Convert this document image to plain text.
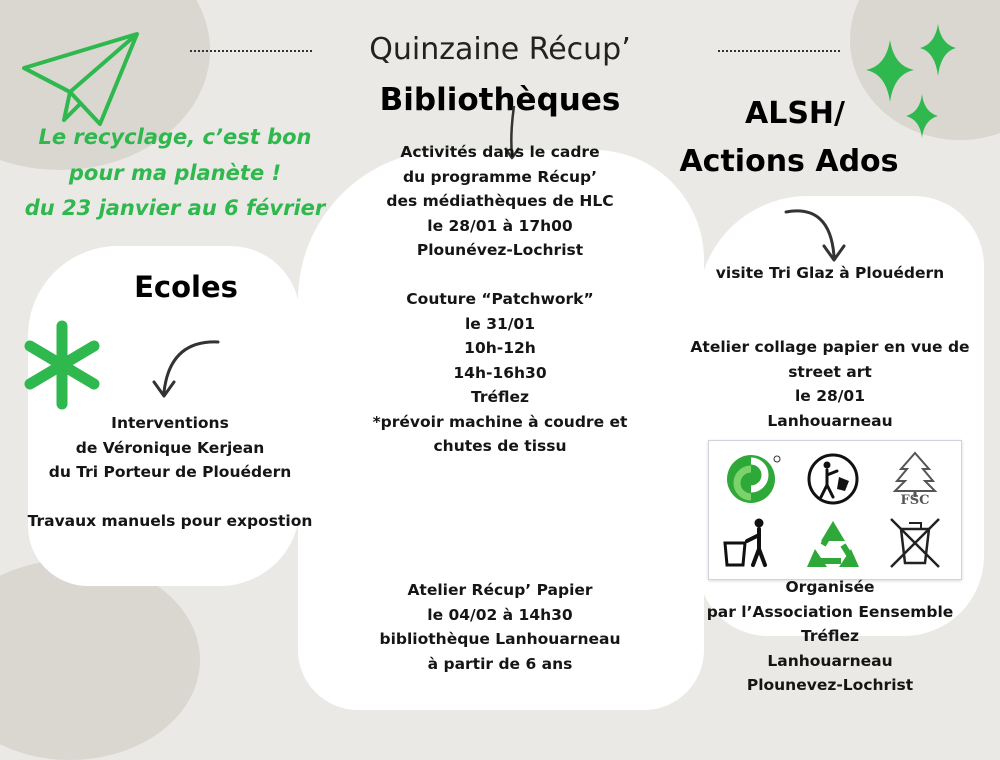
Quinzaine Récup’
Bibliothèques
Le recyclage, c’est bon
pour ma planète !
du 23 janvier au 6 février
Ecoles
Interventions
de Véronique Kerjean
du Tri Porteur de Plouédern
Travaux manuels pour expostion
Activités dans le cadre
du programme Récup’
des médiathèques de HLC
le 28/01 à 17h00
Plounévez-Lochrist
Couture “Patchwork”
le 31/01
10h-12h
14h-16h30
Tréflez
*prévoir machine à coudre et
chutes de tissu
Atelier Récup’ Papier
le 04/02 à 14h30
bibliothèque Lanhouarneau
à partir de 6 ans
ALSH/
Actions Ados
visite Tri Glaz à Plouédern
Atelier collage papier en vue de
street art
le 28/01
Lanhouarneau
FSC
Organisée
par l’Association Eensemble
Tréflez
Lanhouarneau
Plounevez-Lochrist
